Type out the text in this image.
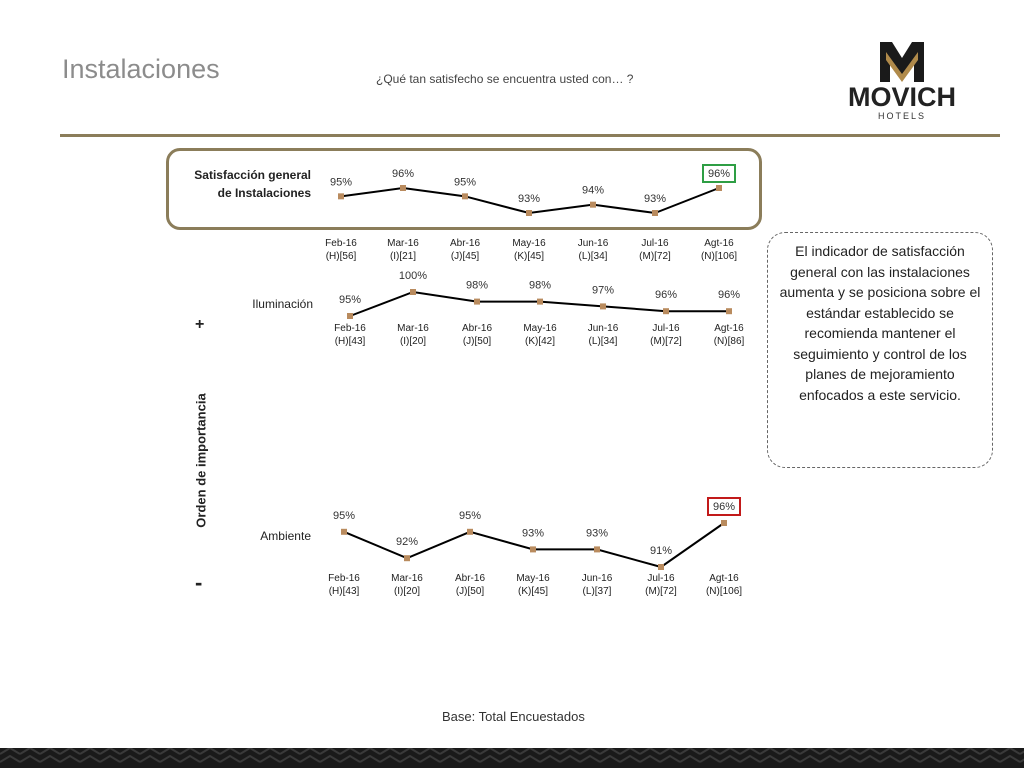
Instalaciones	¿Qué tan satisfecho se encuentra usted con… ?
MOVICH
HOTELS
Satisfacción general
de Instalaciones
Iluminación
Ambiente
+
-
Orden de importancia
El indicador de satisfacción general con las instalaciones aumenta y se posiciona sobre el estándar establecido se recomienda mantener el seguimiento y control de los planes de mejoramiento enfocados a este servicio.
Base: Total Encuestados
95%
Feb-16
(H)[56]
96%
Mar-16
(I)[21]
95%
Abr-16
(J)[45]
93%
May-16
(K)[45]
94%
Jun-16
(L)[34]
93%
Jul-16
(M)[72]
96%
Agt-16
(N)[106]
95%
Feb-16
(H)[43]
100%
Mar-16
(I)[20]
98%
Abr-16
(J)[50]
98%
May-16
(K)[42]
97%
Jun-16
(L)[34]
96%
Jul-16
(M)[72]
96%
Agt-16
(N)[86]
95%
Feb-16
(H)[43]
92%
Mar-16
(I)[20]
95%
Abr-16
(J)[50]
93%
May-16
(K)[45]
93%
Jun-16
(L)[37]
91%
Jul-16
(M)[72]
96%
Agt-16
(N)[106]
